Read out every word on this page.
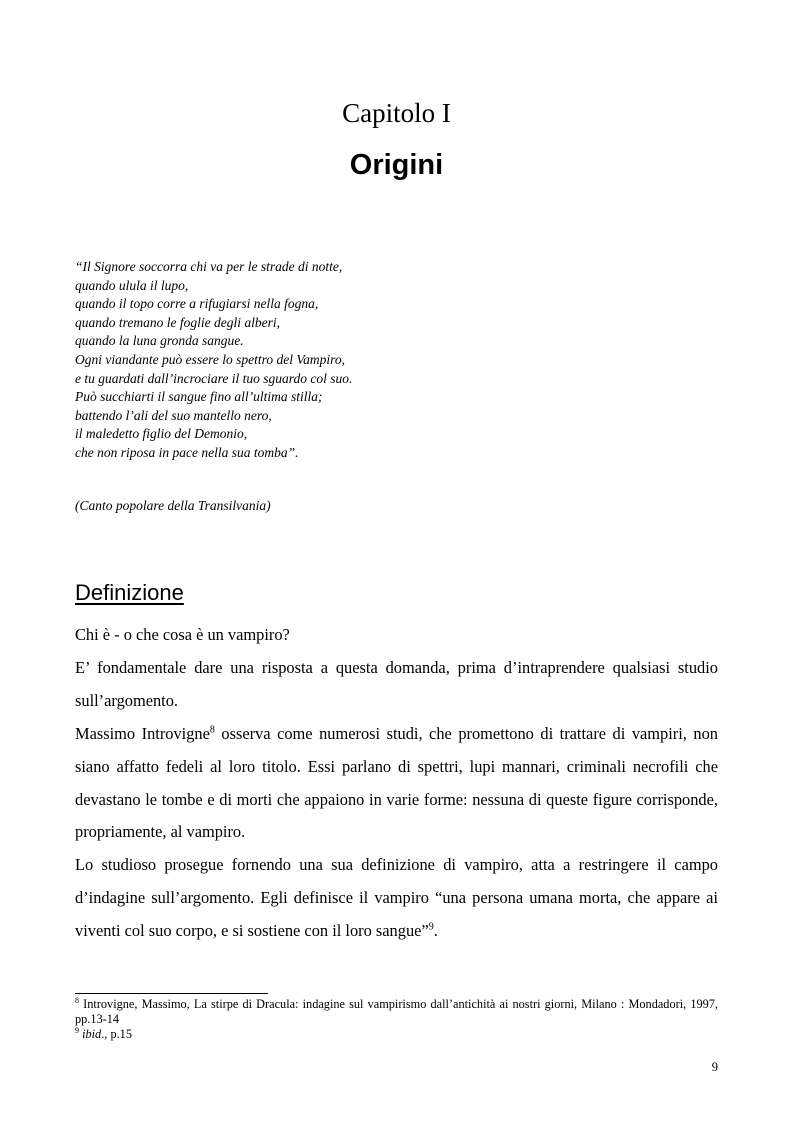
Capitolo I
Origini
“Il Signore soccorra chi va per le strade di notte,
quando ulula il lupo,
quando il topo corre a rifugiarsi nella fogna,
quando tremano le foglie degli alberi,
quando la luna gronda sangue.
Ogni viandante può essere lo spettro del Vampiro,
e tu guardati dall’incrociare il tuo sguardo col suo.
Può succhiarti il sangue fino all’ultima stilla;
battendo l’ali del suo mantello nero,
il maledetto figlio del Demonio,
che non riposa in pace nella sua tomba”.
(Canto popolare della Transilvania)
Definizione

Chi è - o che cosa è un vampiro?

E’ fondamentale dare una risposta a questa domanda, prima d’intraprendere qualsiasi studio sull’argomento.

Massimo Introvigne$^8$ osserva come numerosi studi, che promettono di trattare di vampiri, non siano affatto fedeli al loro titolo. Essi parlano di spettri, lupi mannari, criminali necrofili che devastano le tombe e di morti che appaiono in varie forme: nessuna di queste figure corrisponde, propriamente, al vampiro.

Lo studioso prosegue fornendo una sua definizione di vampiro, atta a restringere il campo d’indagine sull’argomento. Egli definisce il vampiro “una persona umana morta, che appare ai viventi col suo corpo, e si sostiene con il loro sangue”$^9$.

$^8$ Introvigne, Massimo, La stirpe di Dracula: indagine sul vampirismo dall’antichità ai nostri giorni, Milano : Mondadori, 1997, pp.13-14

$^9$ ibid., p.15

9
